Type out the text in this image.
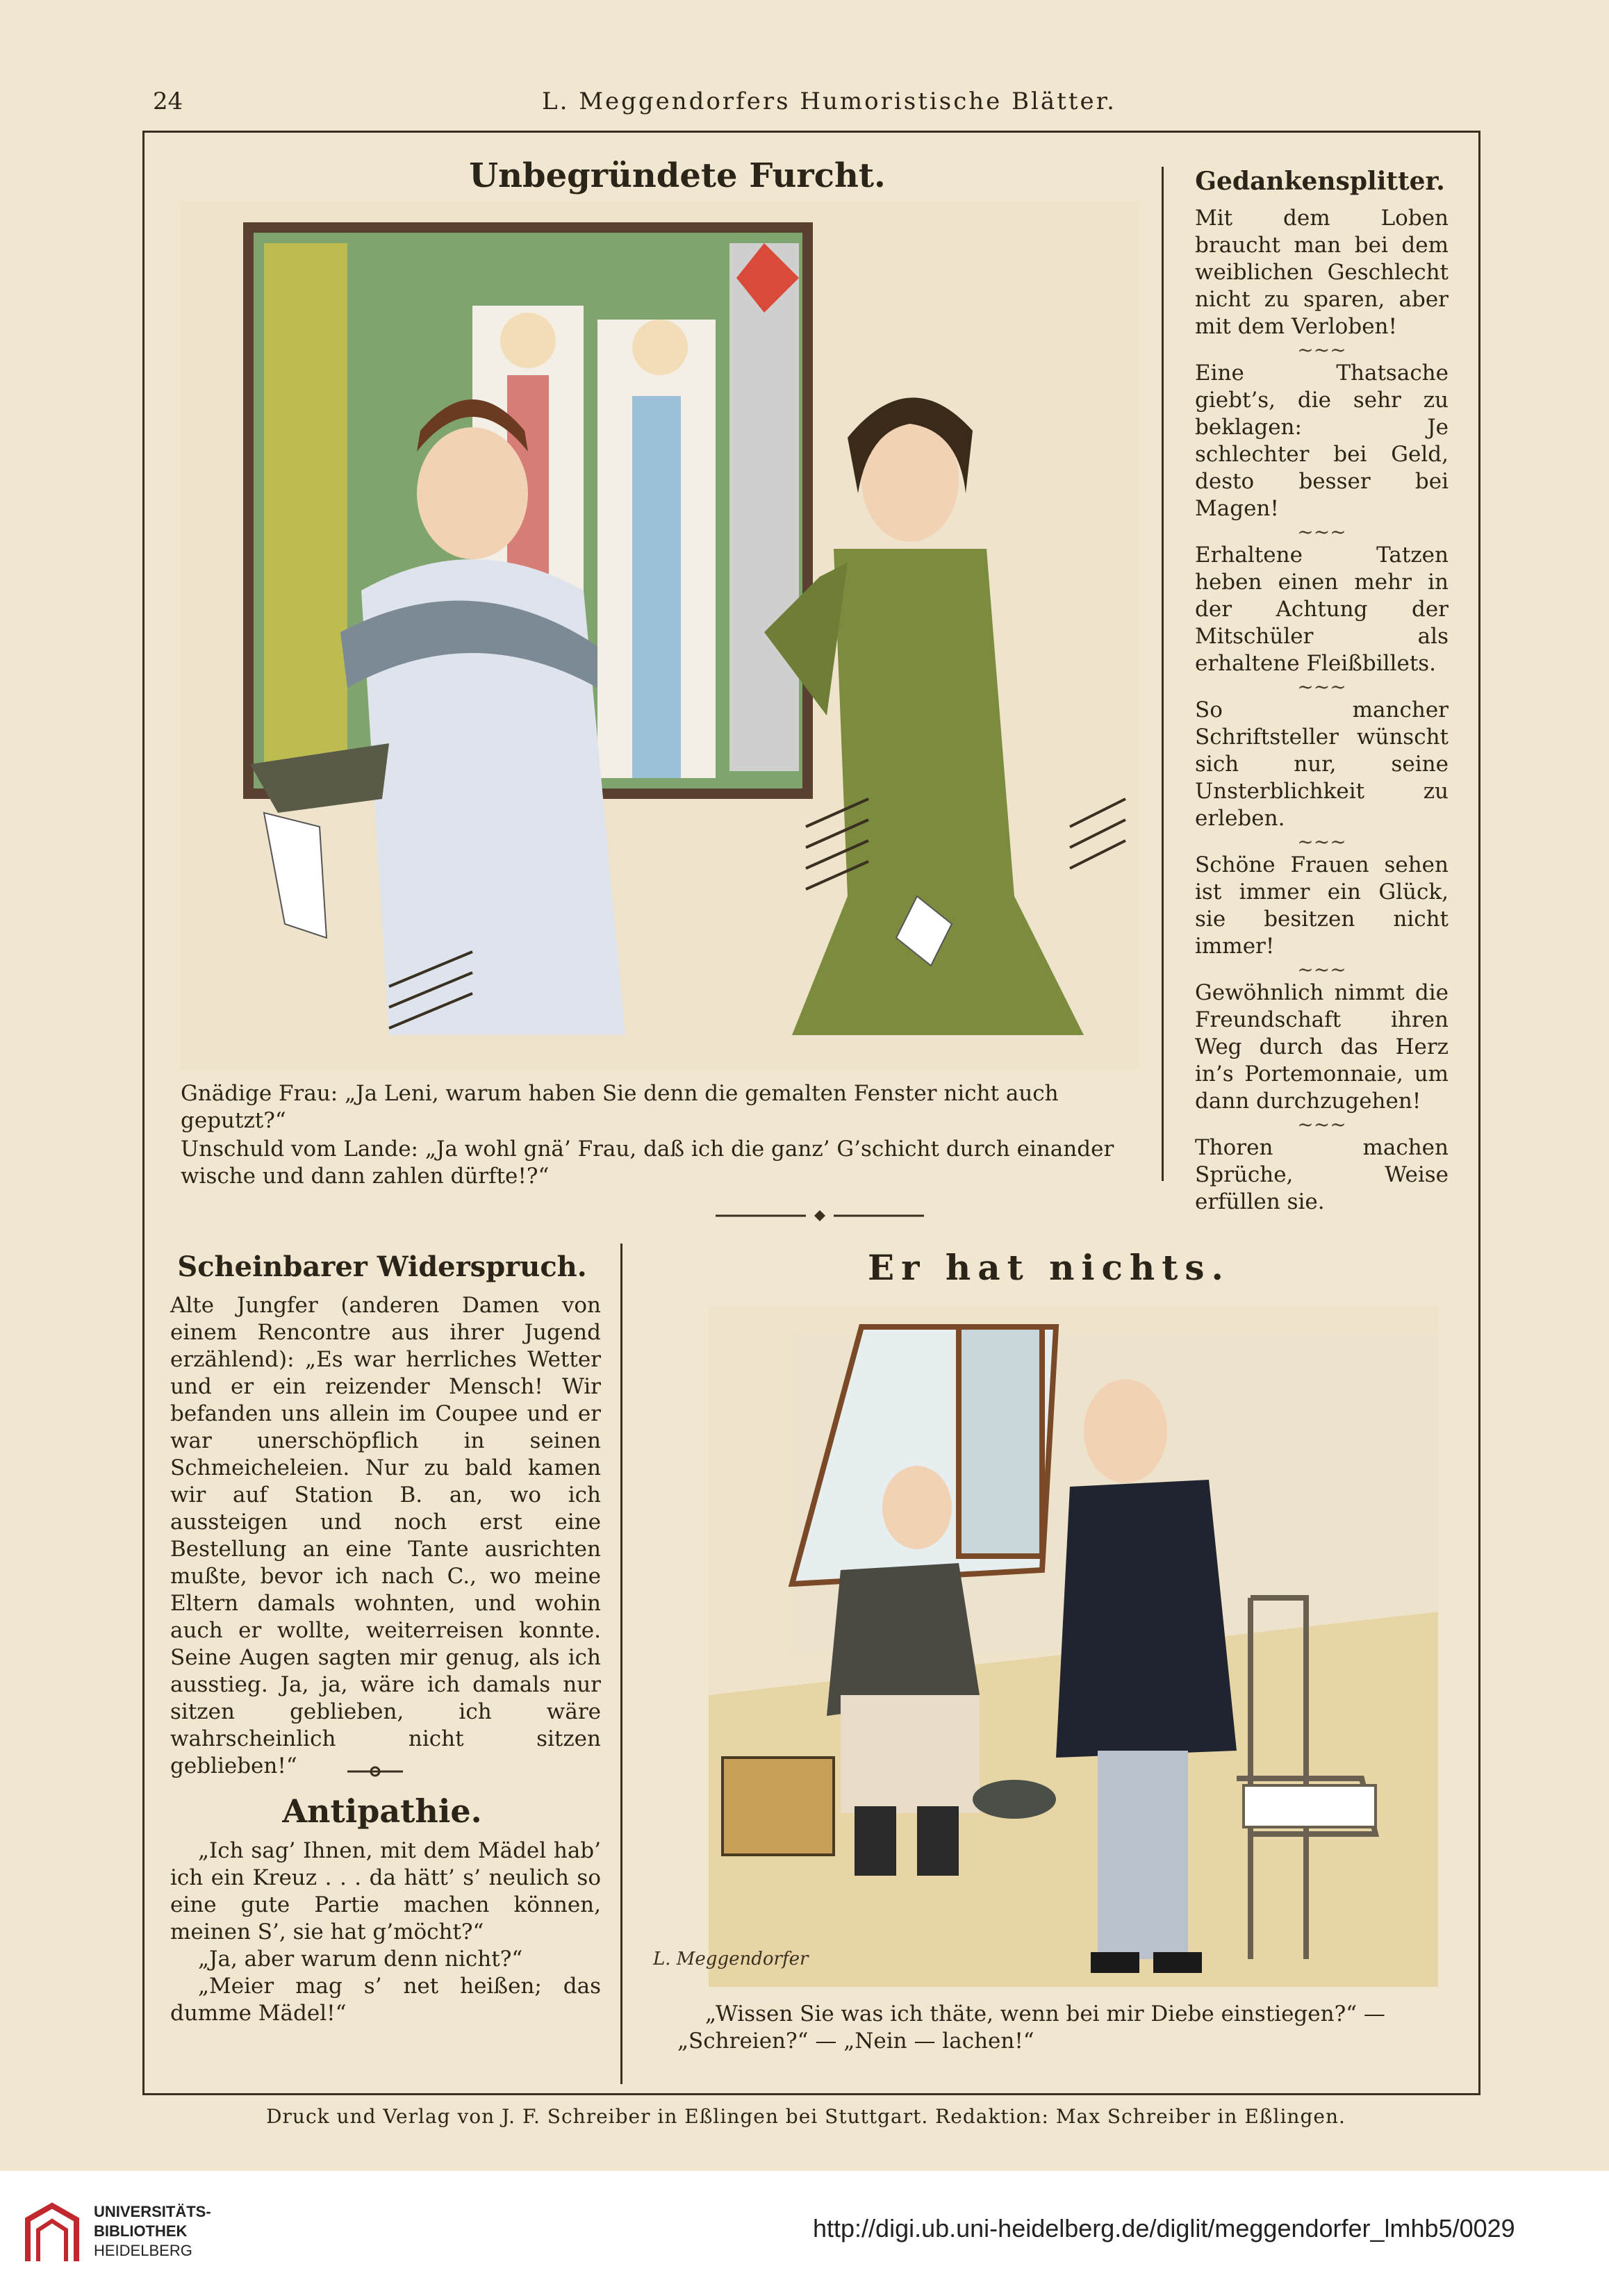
24	L. Meggendorfers Humoristische Blätter.
Unbegründete Furcht.
Gnädige Frau: „Ja Leni, warum haben Sie denn die gemalten Fenster nicht auch geputzt?“
Unschuld vom Lande: „Ja wohl gnä’ Frau, daß ich die ganz’ G’schicht durch einander wische und dann zahlen dürfte!?“
Gedankensplitter.
Mit dem Loben braucht man bei dem weiblichen Geschlecht nicht zu sparen, aber mit dem Verloben!
~~~
Eine Thatsache giebt’s, die sehr zu beklagen: Je schlechter bei Geld, desto besser bei Magen!
~~~
Erhaltene Tatzen heben einen mehr in der Achtung der Mitschüler als erhaltene Fleißbillets.
~~~
So mancher Schriftsteller wünscht sich nur, seine Unsterblichkeit zu erleben.
~~~
Schöne Frauen sehen ist immer ein Glück, sie besitzen nicht immer!
~~~
Gewöhnlich nimmt die Freundschaft ihren Weg durch das Herz in’s Portemonnaie, um dann durchzugehen!
~~~
Thoren machen Sprüche, Weise erfüllen sie.
Scheinbarer Widerspruch.
Alte Jungfer (anderen Damen von einem Rencontre aus ihrer Jugend erzählend): „Es war herrliches Wetter und er ein reizender Mensch! Wir befanden uns allein im Coupee und er war unerschöpflich in seinen Schmeicheleien. Nur zu bald kamen wir auf Station B. an, wo ich aussteigen und noch erst eine Bestellung an eine Tante ausrichten mußte, bevor ich nach C., wo meine Eltern damals wohnten, und wohin auch er wollte, weiterreisen konnte. Seine Augen sagten mir genug, als ich ausstieg. Ja, ja, wäre ich damals nur sitzen geblieben, ich wäre wahrscheinlich nicht sitzen geblieben!“
Antipathie.
„Ich sag’ Ihnen, mit dem Mädel hab’ ich ein Kreuz . . . da hätt’ s’ neulich so eine gute Partie machen können, meinen S’, sie hat g’möcht?“
„Ja, aber warum denn nicht?“
„Meier mag s’ net heißen; das dumme Mädel!“
Er hat nichts.
L. Meggendorfer
„Wissen Sie was ich thäte, wenn bei mir Diebe einstiegen?“ — „Schreien?“ — „Nein — lachen!“
Druck und Verlag von J. F. Schreiber in Eßlingen bei Stuttgart. Redaktion: Max Schreiber in Eßlingen.
UNIVERSITÄTS-
BIBLIOTHEK
HEIDELBERG
http://digi.ub.uni-heidelberg.de/diglit/meggendorfer_lmhb5/0029
